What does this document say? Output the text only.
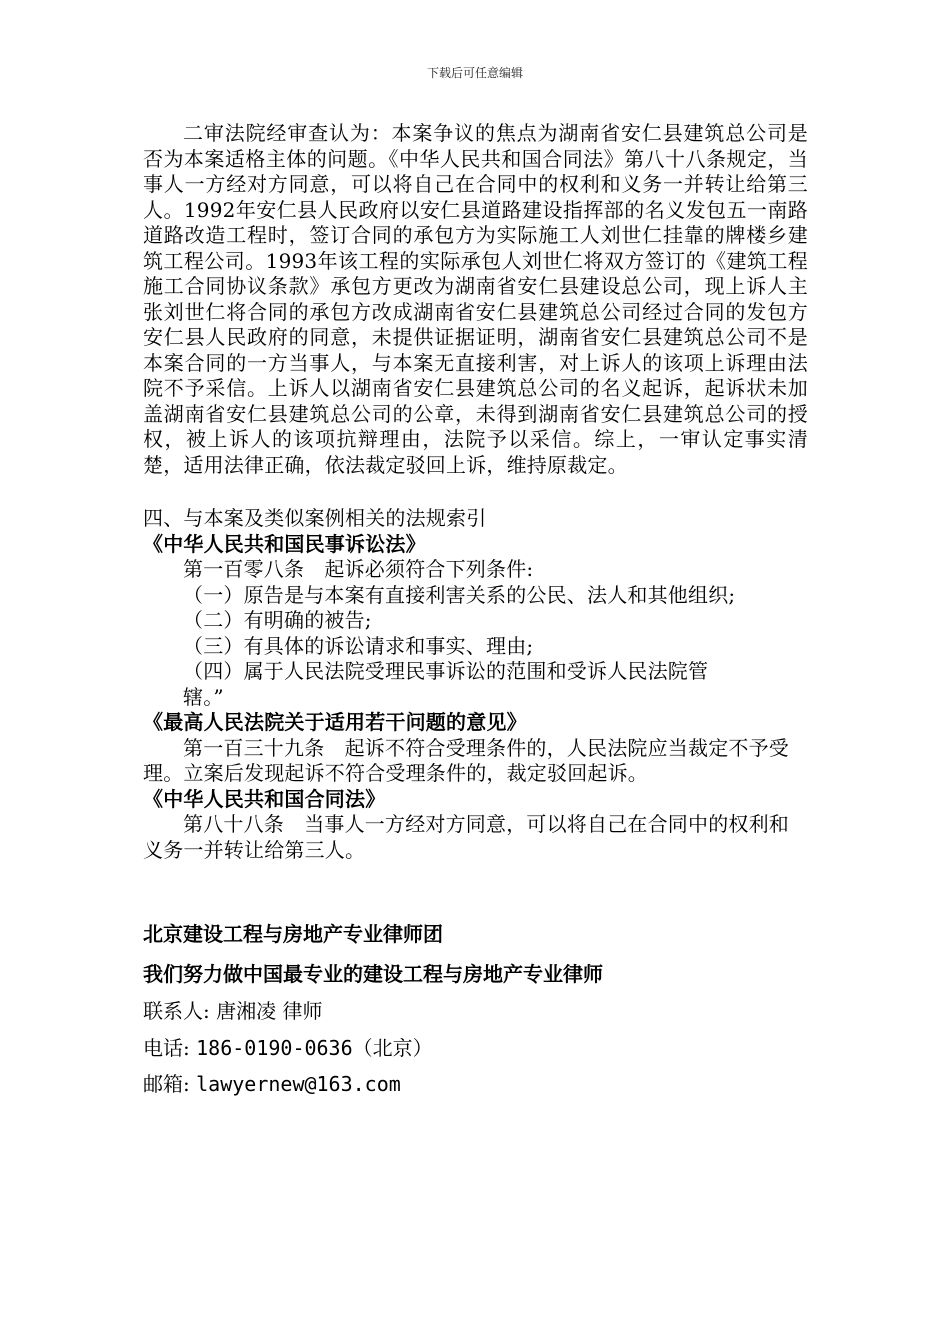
下载后可任意编辑

二审法院经审查认为：本案争议的焦点为湖南省安仁县建筑总公司是否为本案适格主体的问题。《中华人民共和国合同法》第八十八条规定，当事人一方经对方同意，可以将自己在合同中的权利和义务一并转让给第三人。1992年安仁县人民政府以安仁县道路建设指挥部的名义发包五一南路道路改造工程时，签订合同的承包方为实际施工人刘世仁挂靠的牌楼乡建筑工程公司。1993年该工程的实际承包人刘世仁将双方签订的《建筑工程施工合同协议条款》承包方更改为湖南省安仁县建设总公司，现上诉人主张刘世仁将合同的承包方改成湖南省安仁县建筑总公司经过合同的发包方安仁县人民政府的同意，未提供证据证明，湖南省安仁县建筑总公司不是本案合同的一方当事人，与本案无直接利害，对上诉人的该项上诉理由法院不予采信。上诉人以湖南省安仁县建筑总公司的名义起诉，起诉状未加盖湖南省安仁县建筑总公司的公章，未得到湖南省安仁县建筑总公司的授权，被上诉人的该项抗辩理由，法院予以采信。综上，一审认定事实清楚，适用法律正确，依法裁定驳回上诉，维持原裁定。

四、与本案及类似案例相关的法规索引

《中华人民共和国民事诉讼法》

第一百零八条　起诉必须符合下列条件:

（一）原告是与本案有直接利害关系的公民、法人和其他组织;

（二）有明确的被告;

（三）有具体的诉讼请求和事实、理由;

（四）属于人民法院受理民事诉讼的范围和受诉人民法院管

辖。”

《最高人民法院关于适用若干问题的意见》

第一百三十九条　起诉不符合受理条件的，人民法院应当裁定不予受理。立案后发现起诉不符合受理条件的，裁定驳回起诉。

《中华人民共和国合同法》

第八十八条　当事人一方经对方同意，可以将自己在合同中的权利和义务一并转让给第三人。

北京建设工程与房地产专业律师团
我们努力做中国最专业的建设工程与房地产专业律师
联系人: 唐湘凌 律师
电话: 186-0190-0636（北京）
邮箱: lawyernew@163.com
